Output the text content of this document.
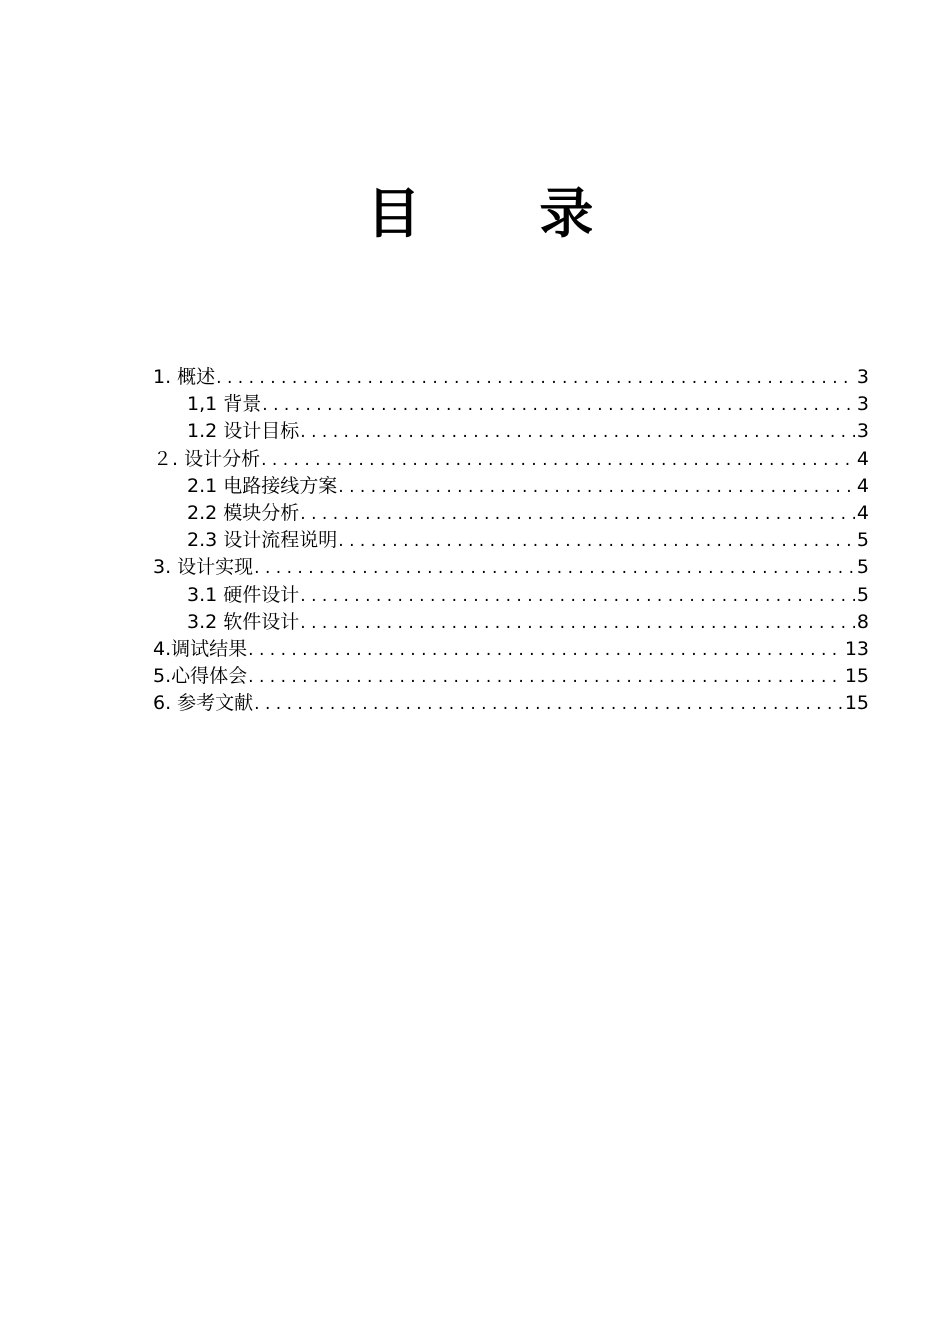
目 录
1. 概述 . . .	3
1,1 背景 . . .	3
1.2 设计目标 . . .	3
２. 设计分析 . . .	4
2.1 电路接线方案 . . .	4
2.2 模块分析 . . .	4
2.3 设计流程说明 . . .	5
3. 设计实现 . . .	5
3.1 硬件设计 . . .	5
3.2 软件设计 . . .	8
4.调试结果 . . .	13
5.心得体会 . . .	15
6. 参考文献 . . .	15
